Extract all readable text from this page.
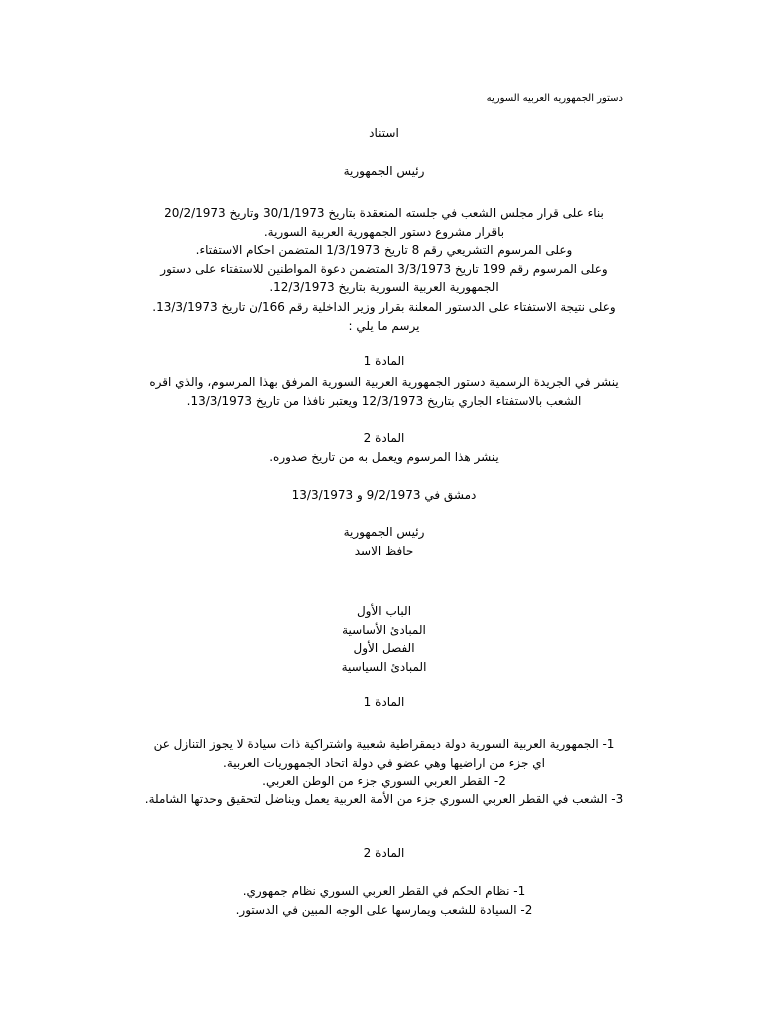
دستور الجمهوريه العربيه السوريه
استناد
رئيس الجمهورية
بناء على قرار مجلس الشعب في جلسته المنعقدة بتاريخ 30/1/1973 وتاريخ 20/2/1973
باقرار مشروع دستور الجمهورية العربية السورية.
وعلى المرسوم التشريعي رقم 8 تاريخ 1/3/1973 المتضمن احكام الاستفتاء.
وعلى المرسوم رقم 199 تاريخ 3/3/1973 المتضمن دعوة المواطنين للاستفتاء على دستور
الجمهورية العربية السورية بتاريخ 12/3/1973.
وعلى نتيجة الاستفتاء على الدستور المعلنة بقرار وزير الداخلية رقم 166/ن تاريخ 13/3/1973.
يرسم ما يلي :
المادة 1
ينشر في الجريدة الرسمية دستور الجمهورية العربية السورية المرفق بهذا المرسوم، والذي اقره
الشعب بالاستفتاء الجاري بتاريخ 12/3/1973 ويعتبر نافذا من تاريخ 13/3/1973.
المادة 2
ينشر هذا المرسوم ويعمل به من تاريخ صدوره.
دمشق في 9/2/1973 و 13/3/1973
رئيس الجمهورية
حافظ الاسد
الباب الأول
المبادئ الأساسية
الفصل الأول
المبادئ السياسية
المادة 1
1- الجمهورية العربية السورية دولة ديمقراطية شعبية واشتراكية ذات سيادة لا يجوز التنازل عن
اي جزء من اراضيها وهي عضو في دولة اتحاد الجمهوريات العربية.
2- القطر العربي السوري جزء من الوطن العربي.
3- الشعب في القطر العربي السوري جزء من الأمة العربية يعمل ويناضل لتحقيق وحدتها الشاملة.
المادة 2
1- نظام الحكم في القطر العربي السوري نظام جمهوري.
2- السيادة للشعب ويمارسها على الوجه المبين في الدستور.
